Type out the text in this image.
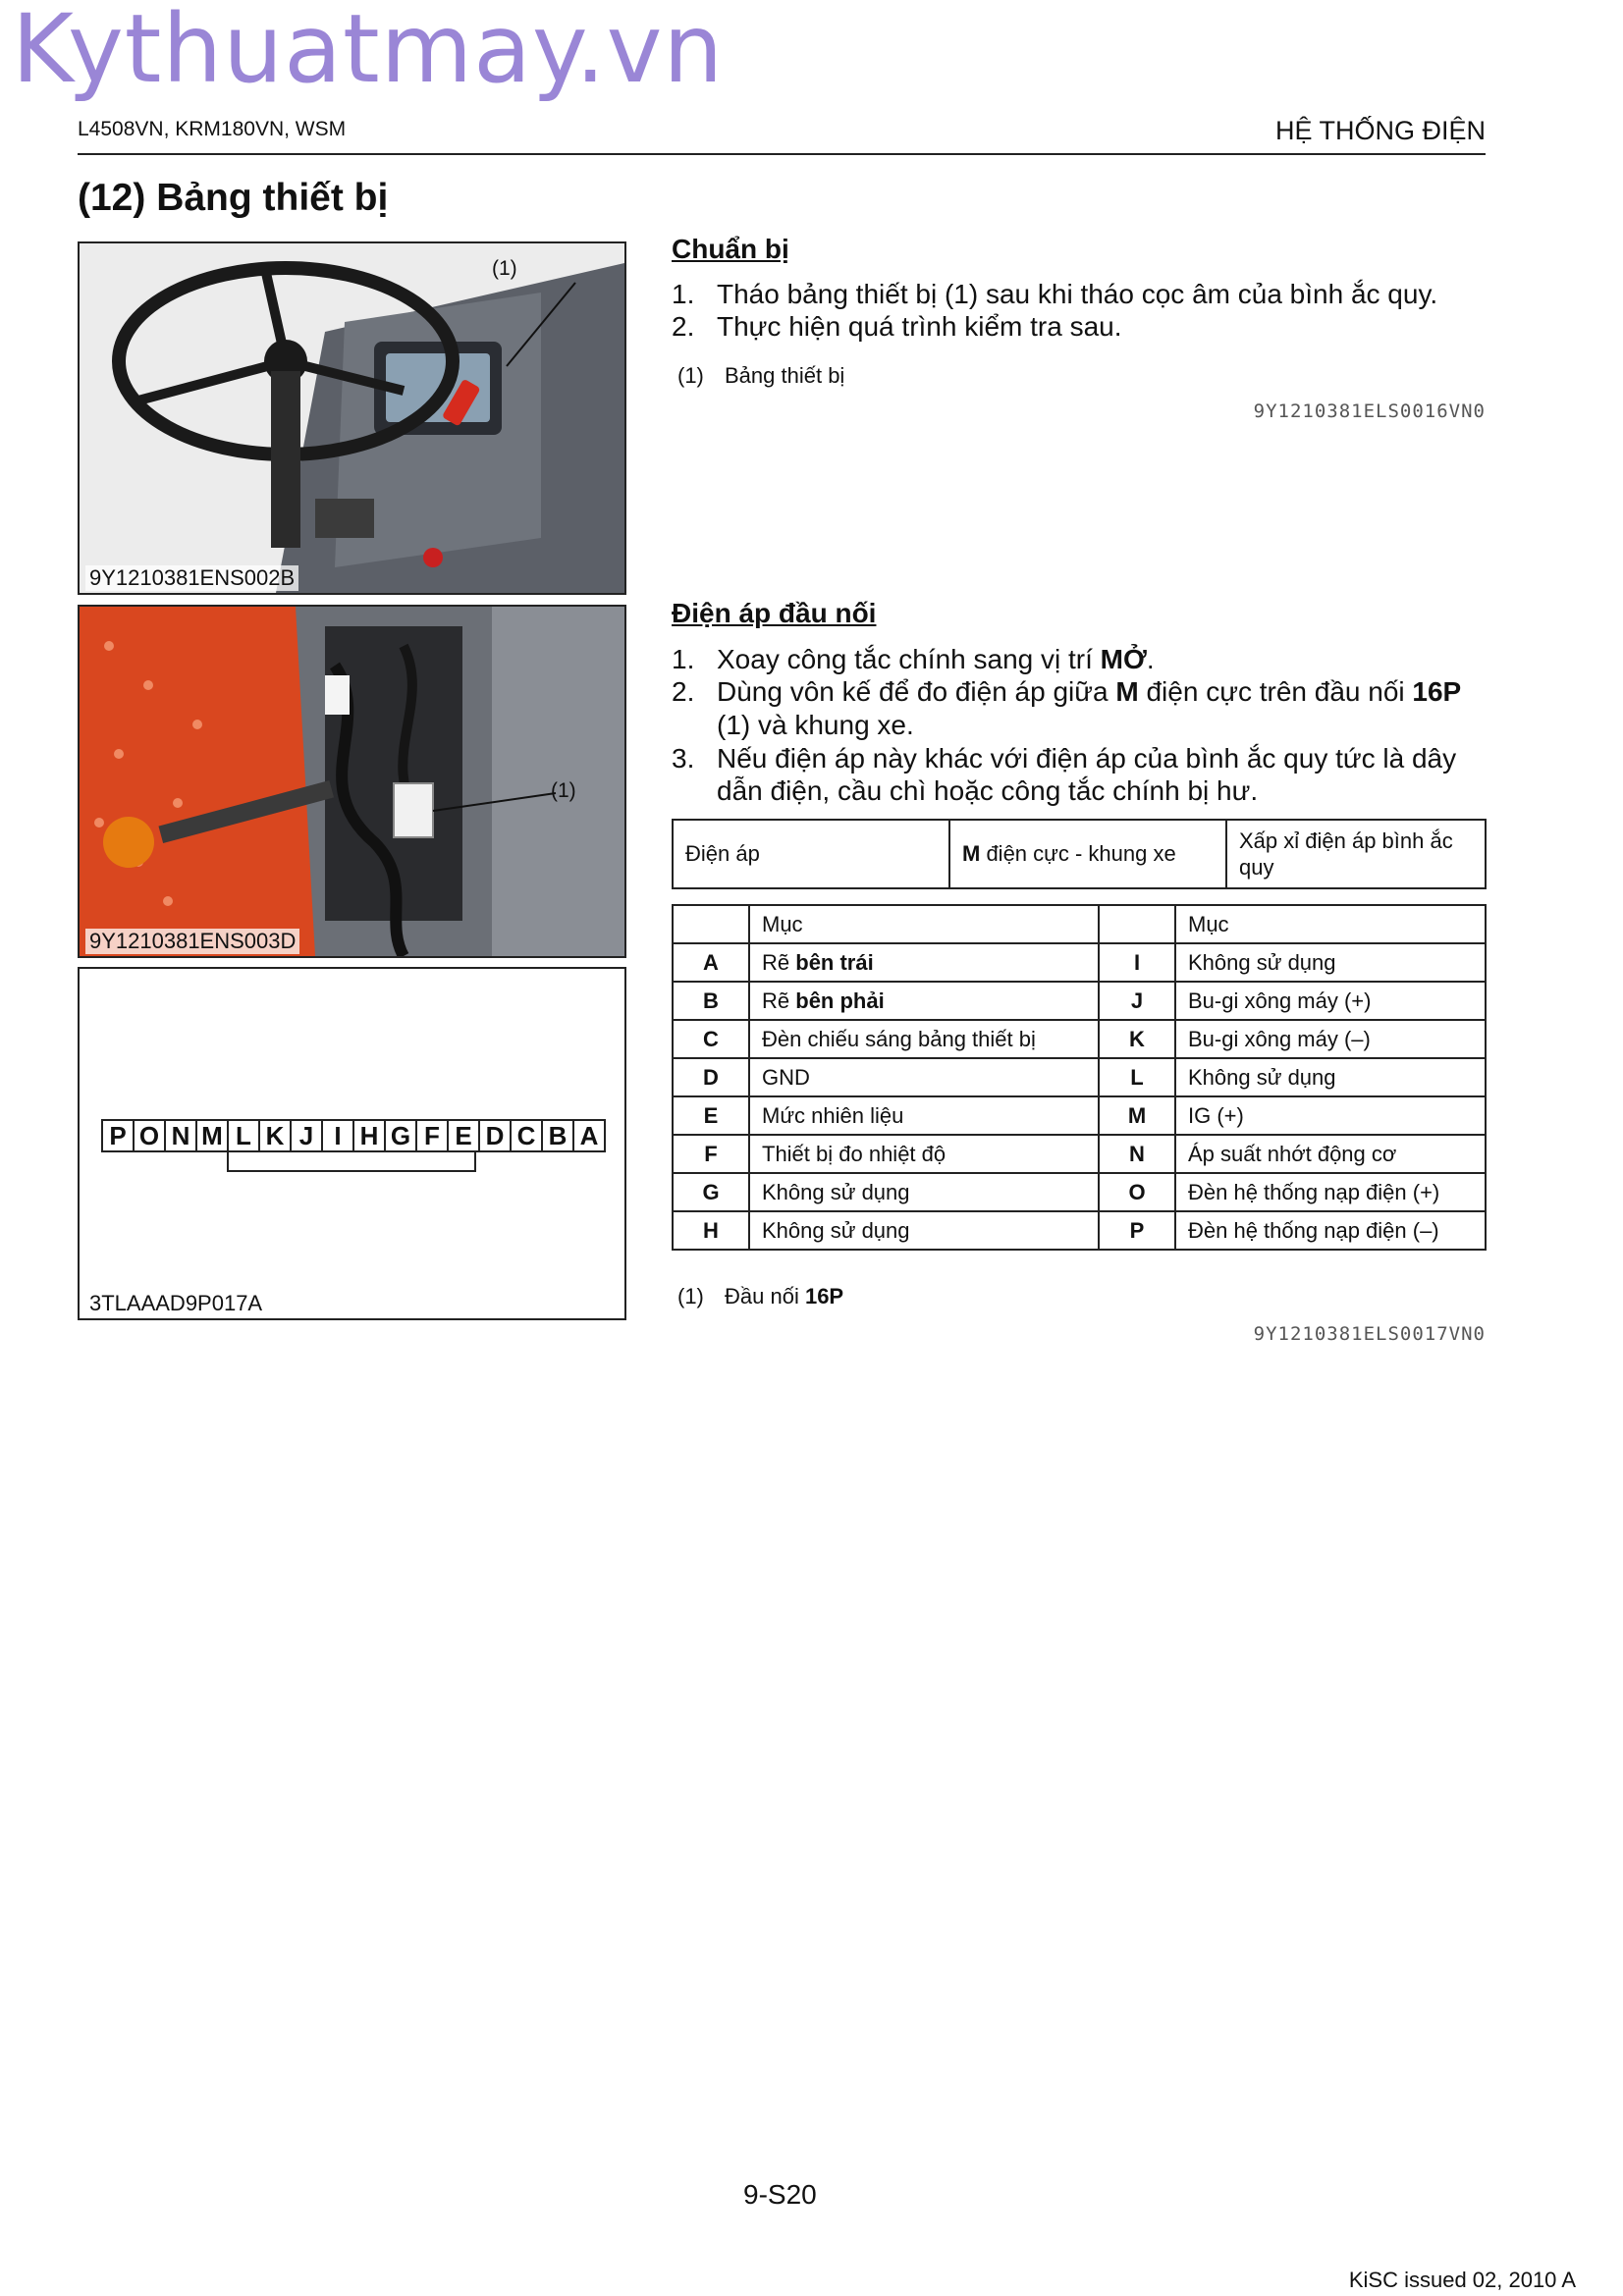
Kythuatmay.vn
L4508VN, KRM180VN, WSM	HỆ THỐNG ĐIỆN
(12) Bảng thiết bị
(1)
9Y1210381ENS002B
(1)
9Y1210381ENS003D
P O N M L K J I H G F E D C B A
3TLAAAD9P017A
Chuẩn bị
1. Tháo bảng thiết bị (1) sau khi tháo cọc âm của bình ắc quy.
2. Thực hiện quá trình kiểm tra sau.
(1) Bảng thiết bị
9Y1210381ELS0016VN0
Điện áp đầu nối
1. Xoay công tắc chính sang vị trí MỞ.
2. Dùng vôn kế để đo điện áp giữa M điện cực trên đầu nối 16P
(1) và khung xe.
3. Nếu điện áp này khác với điện áp của bình ắc quy tức là dây
dẫn điện, cầu chì hoặc công tắc chính bị hư.
Điện áp	M điện cực - khung xe	Xấp xỉ điện áp bình ắc quy
	Mục		Mục
A	Rẽ bên trái	I	Không sử dụng
B	Rẽ bên phải	J	Bu-gi xông máy (+)
C	Đèn chiếu sáng bảng thiết bị	K	Bu-gi xông máy (–)
D	GND	L	Không sử dụng
E	Mức nhiên liệu	M	IG (+)
F	Thiết bị đo nhiệt độ	N	Áp suất nhớt động cơ
G	Không sử dụng	O	Đèn hệ thống nạp điện (+)
H	Không sử dụng	P	Đèn hệ thống nạp điện (–)
(1) Đầu nối 16P
9Y1210381ELS0017VN0
9-S20
KiSC issued 02, 2010 A
